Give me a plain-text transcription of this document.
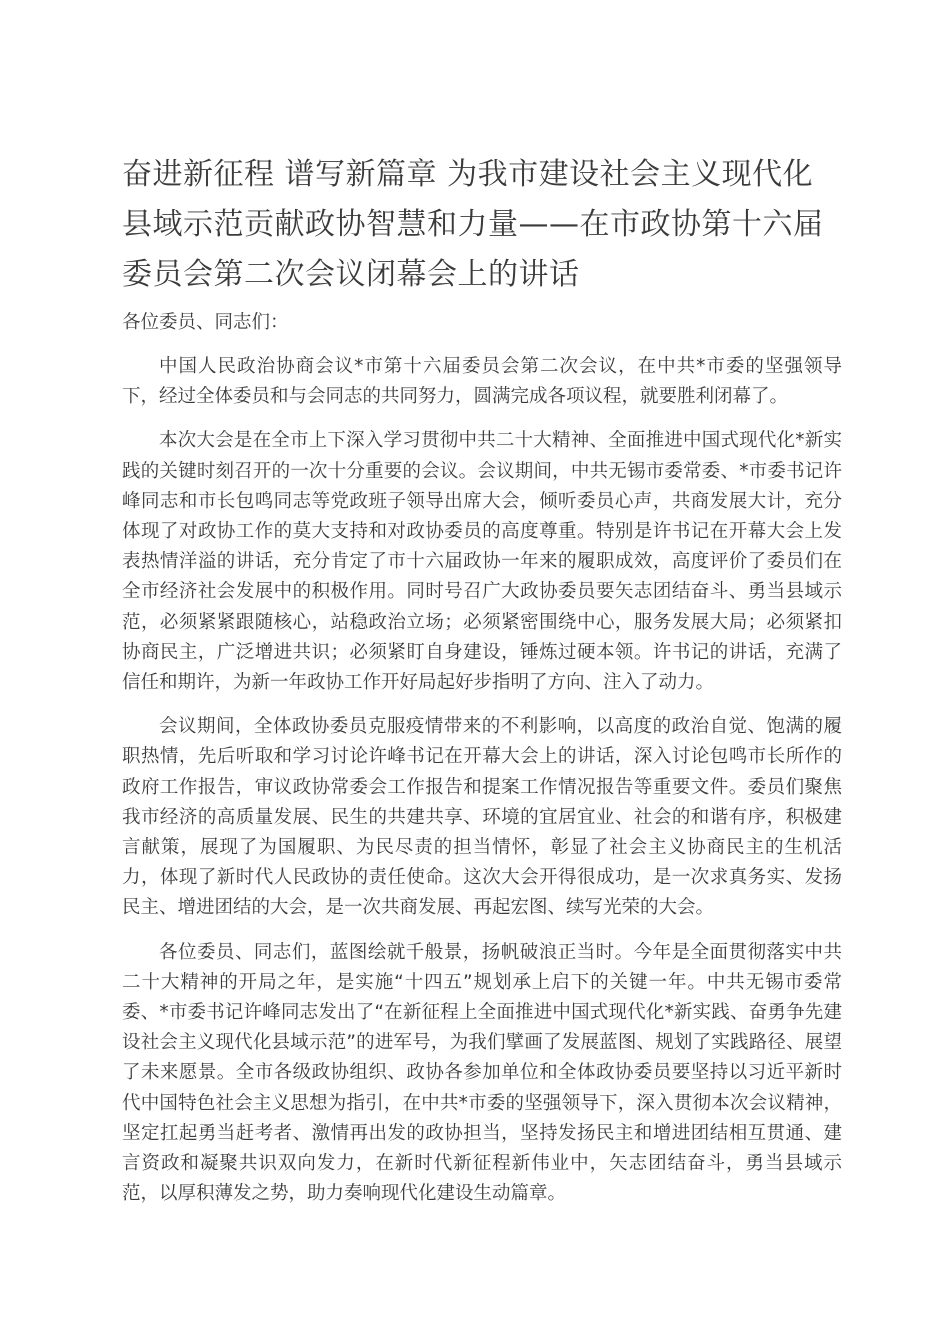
奋进新征程 谱写新篇章 为我市建设社会主义现代化县域示范贡献政协智慧和力量——在市政协第十六届委员会第二次会议闭幕会上的讲话

各位委员、同志们：

中国人民政治协商会议*市第十六届委员会第二次会议，在中共*市委的坚强领导下，经过全体委员和与会同志的共同努力，圆满完成各项议程，就要胜利闭幕了。

本次大会是在全市上下深入学习贯彻中共二十大精神、全面推进中国式现代化*新实践的关键时刻召开的一次十分重要的会议。会议期间，中共无锡市委常委、*市委书记许峰同志和市长包鸣同志等党政班子领导出席大会，倾听委员心声，共商发展大计，充分体现了对政协工作的莫大支持和对政协委员的高度尊重。特别是许书记在开幕大会上发表热情洋溢的讲话，充分肯定了市十六届政协一年来的履职成效，高度评价了委员们在全市经济社会发展中的积极作用。同时号召广大政协委员要矢志团结奋斗、勇当县域示范，必须紧紧跟随核心，站稳政治立场；必须紧密围绕中心，服务发展大局；必须紧扣协商民主，广泛增进共识；必须紧盯自身建设，锤炼过硬本领。许书记的讲话，充满了信任和期许，为新一年政协工作开好局起好步指明了方向、注入了动力。

会议期间，全体政协委员克服疫情带来的不利影响，以高度的政治自觉、饱满的履职热情，先后听取和学习讨论许峰书记在开幕大会上的讲话，深入讨论包鸣市长所作的政府工作报告，审议政协常委会工作报告和提案工作情况报告等重要文件。委员们聚焦我市经济的高质量发展、民生的共建共享、环境的宜居宜业、社会的和谐有序，积极建言献策，展现了为国履职、为民尽责的担当情怀，彰显了社会主义协商民主的生机活力，体现了新时代人民政协的责任使命。这次大会开得很成功，是一次求真务实、发扬民主、增进团结的大会，是一次共商发展、再起宏图、续写光荣的大会。

各位委员、同志们，蓝图绘就千般景，扬帆破浪正当时。今年是全面贯彻落实中共二十大精神的开局之年，是实施“十四五”规划承上启下的关键一年。中共无锡市委常委、*市委书记许峰同志发出了“在新征程上全面推进中国式现代化*新实践、奋勇争先建设社会主义现代化县域示范”的进军号，为我们擘画了发展蓝图、规划了实践路径、展望了未来愿景。全市各级政协组织、政协各参加单位和全体政协委员要坚持以习近平新时代中国特色社会主义思想为指引，在中共*市委的坚强领导下，深入贯彻本次会议精神，坚定扛起勇当赶考者、激情再出发的政协担当，坚持发扬民主和增进团结相互贯通、建言资政和凝聚共识双向发力，在新时代新征程新伟业中，矢志团结奋斗，勇当县域示范，以厚积薄发之势，助力奏响现代化建设生动篇章。
